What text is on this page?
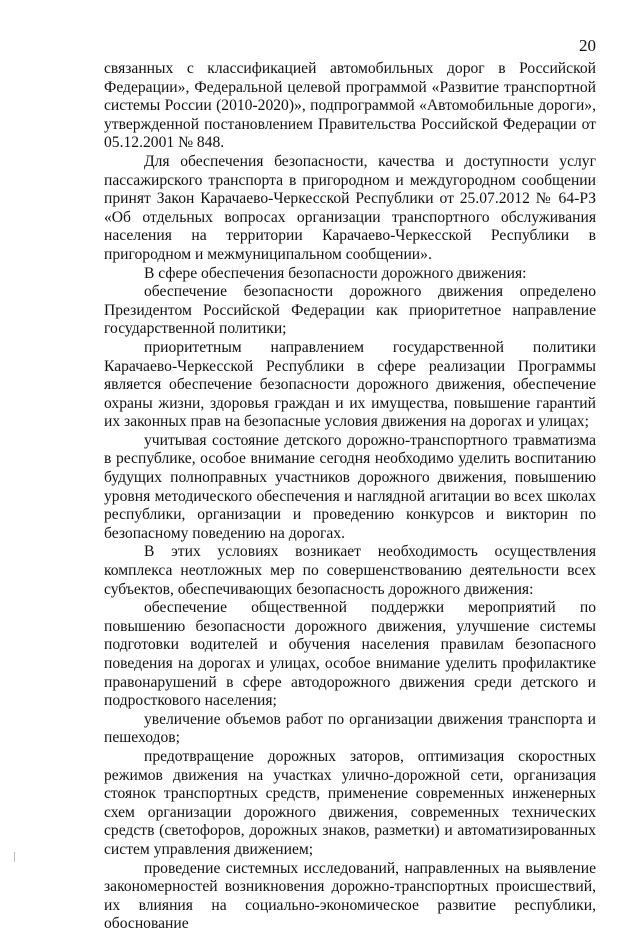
20

связанных с классификацией автомобильных дорог в Российской Федерации», Федеральной целевой программой «Развитие транспортной системы России (2010-2020)», подпрограммой «Автомобильные дороги», утвержденной постановлением Правительства Российской Федерации от 05.12.2001 № 848.

Для обеспечения безопасности, качества и доступности услуг пассажирского транспорта в пригородном и междугородном сообщении принят Закон Карачаево-Черкесской Республики от 25.07.2012 № 64-РЗ «Об отдельных вопросах организации транспортного обслуживания населения на территории Карачаево-Черкесской Республики в пригородном и межмуниципальном сообщении».

В сфере обеспечения безопасности дорожного движения:

обеспечение безопасности дорожного движения определено Президентом Российской Федерации как приоритетное направление государственной политики;

приоритетным направлением государственной политики Карачаево-Черкесской Республики в сфере реализации Программы является обеспечение безопасности дорожного движения, обеспечение охраны жизни, здоровья граждан и их имущества, повышение гарантий их законных прав на безопасные условия движения на дорогах и улицах;

учитывая состояние детского дорожно-транспортного травматизма в республике, особое внимание сегодня необходимо уделить воспитанию будущих полноправных участников дорожного движения, повышению уровня методического обеспечения и наглядной агитации во всех школах республики, организации и проведению конкурсов и викторин по безопасному поведению на дорогах.

В этих условиях возникает необходимость осуществления комплекса неотложных мер по совершенствованию деятельности всех субъектов, обеспечивающих безопасность дорожного движения:

обеспечение общественной поддержки мероприятий по повышению безопасности дорожного движения, улучшение системы подготовки водителей и обучения населения правилам безопасного поведения на дорогах и улицах, особое внимание уделить профилактике правонарушений в сфере автодорожного движения среди детского и подросткового населения;

увеличение объемов работ по организации движения транспорта и пешеходов;

предотвращение дорожных заторов, оптимизация скоростных режимов движения на участках улично-дорожной сети, организация стоянок транспортных средств, применение современных инженерных схем организации дорожного движения, современных технических средств (светофоров, дорожных знаков, разметки) и автоматизированных систем управления движением;

проведение системных исследований, направленных на выявление закономерностей возникновения дорожно-транспортных происшествий, их влияния на социально-экономическое развитие республики, обоснование
